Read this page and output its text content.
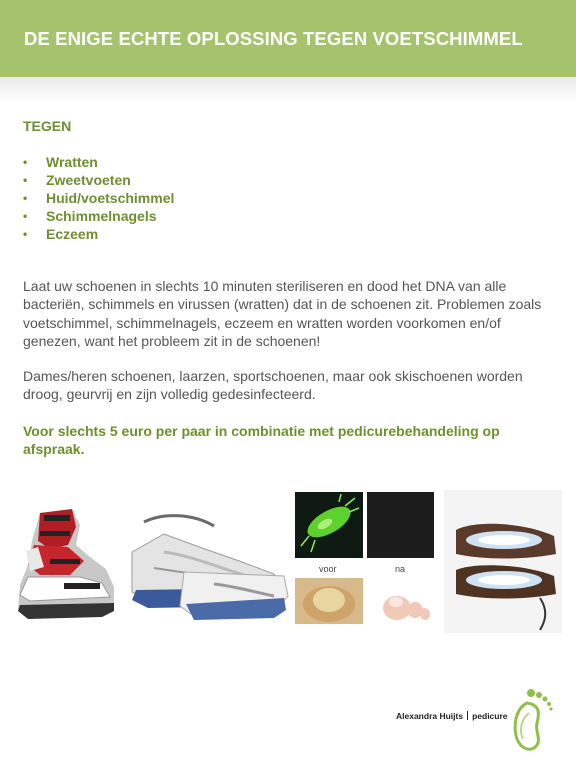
DE ENIGE ECHTE OPLOSSING TEGEN VOETSCHIMMEL
TEGEN
• Wratten
• Zweetvoeten
• Huid/voetschimmel
• Schimmelnagels
• Eczeem

Laat uw schoenen in slechts 10 minuten steriliseren en dood het DNA van alle bacteriën, schimmels en virussen (wratten) dat in de schoenen zit. Problemen zoals voetschimmel, schimmelnagels, eczeem en wratten worden voorkomen en/of genezen, want het probleem zit in de schoenen!

Dames/heren schoenen, laarzen, sportschoenen, maar ook skischoenen worden droog, geurvrij en zijn volledig gedesinfecteerd.

Voor slechts 5 euro per paar in combinatie met pedicurebehandeling op afspraak.

voor	na
Alexandra Huijts pedicure
